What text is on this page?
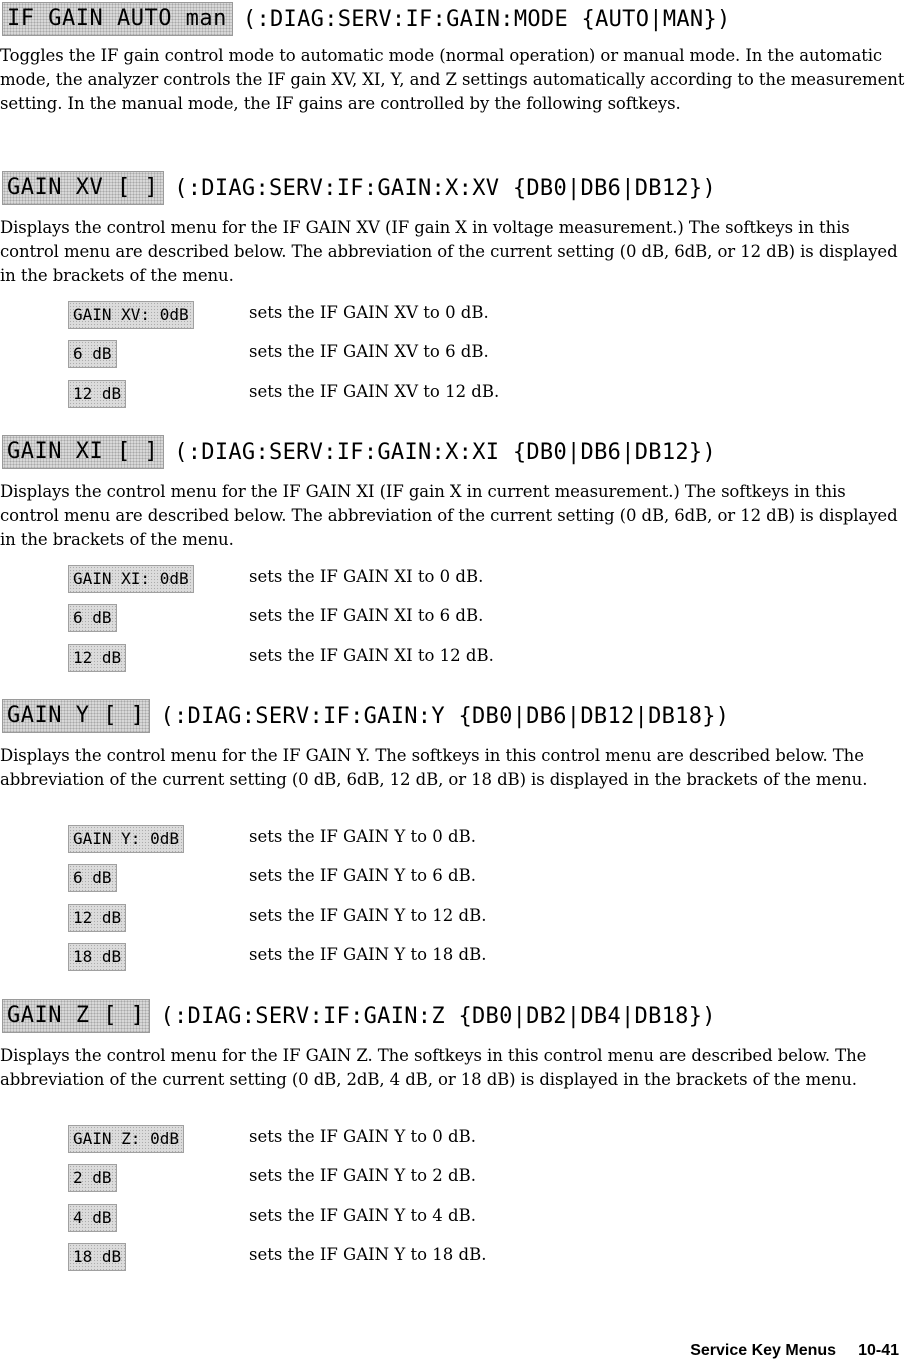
IF GAIN AUTO man (:DIAG:SERV:IF:GAIN:MODE {AUTO|MAN})
Toggles the IF gain control mode to automatic mode (normal operation) or manual mode. In the automatic mode, the analyzer controls the IF gain XV, XI, Y, and Z settings automatically according to the measurement setting. In the manual mode, the IF gains are controlled by the following softkeys.
GAIN XV [ ] (:DIAG:SERV:IF:GAIN:X:XV {DB0|DB6|DB12})
Displays the control menu for the IF GAIN XV (IF gain X in voltage measurement.) The softkeys in this control menu are described below. The abbreviation of the current setting (0 dB, 6dB, or 12 dB) is displayed in the brackets of the menu.
GAIN XV: 0dB	sets the IF GAIN XV to 0 dB.
6 dB	sets the IF GAIN XV to 6 dB.
12 dB	sets the IF GAIN XV to 12 dB.
GAIN XI [ ] (:DIAG:SERV:IF:GAIN:X:XI {DB0|DB6|DB12})
Displays the control menu for the IF GAIN XI (IF gain X in current measurement.) The softkeys in this control menu are described below. The abbreviation of the current setting (0 dB, 6dB, or 12 dB) is displayed in the brackets of the menu.
GAIN XI: 0dB	sets the IF GAIN XI to 0 dB.
6 dB	sets the IF GAIN XI to 6 dB.
12 dB	sets the IF GAIN XI to 12 dB.
GAIN Y [ ] (:DIAG:SERV:IF:GAIN:Y {DB0|DB6|DB12|DB18})
Displays the control menu for the IF GAIN Y. The softkeys in this control menu are described below. The abbreviation of the current setting (0 dB, 6dB, 12 dB, or 18 dB) is displayed in the brackets of the menu.
GAIN Y: 0dB	sets the IF GAIN Y to 0 dB.
6 dB	sets the IF GAIN Y to 6 dB.
12 dB	sets the IF GAIN Y to 12 dB.
18 dB	sets the IF GAIN Y to 18 dB.
GAIN Z [ ] (:DIAG:SERV:IF:GAIN:Z {DB0|DB2|DB4|DB18})
Displays the control menu for the IF GAIN Z. The softkeys in this control menu are described below. The abbreviation of the current setting (0 dB, 2dB, 4 dB, or 18 dB) is displayed in the brackets of the menu.
GAIN Z: 0dB	sets the IF GAIN Y to 0 dB.
2 dB	sets the IF GAIN Y to 2 dB.
4 dB	sets the IF GAIN Y to 4 dB.
18 dB	sets the IF GAIN Y to 18 dB.
Service Key Menus 10-41
